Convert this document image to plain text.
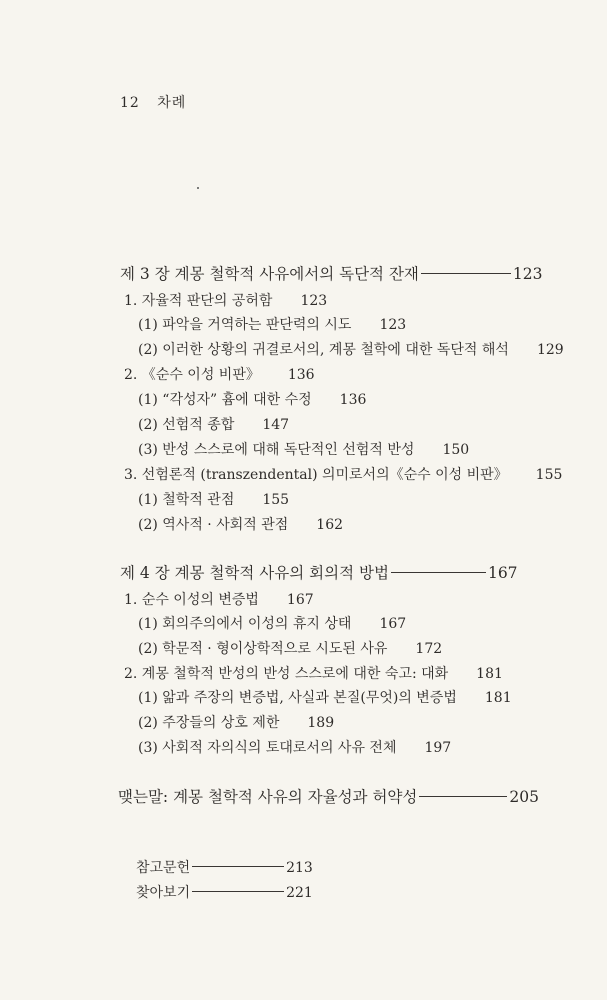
12 차례
제 3 장 계몽 철학적 사유에서의 독단적 잔재	123
1. 자율적 판단의 공허함 123
(1) 파악을 거역하는 판단력의 시도 123
(2) 이러한 상황의 귀결로서의, 계몽 철학에 대한 독단적 해석 129
2. 《순수 이성 비판》 136
(1) “각성자” 흄에 대한 수정 136
(2) 선험적 종합 147
(3) 반성 스스로에 대해 독단적인 선험적 반성 150
3. 선험론적 (transzendental) 의미로서의《순수 이성 비판》 155
(1) 철학적 관점 155
(2) 역사적 · 사회적 관점 162
제 4 장 계몽 철학적 사유의 회의적 방법	167
1. 순수 이성의 변증법 167
(1) 회의주의에서 이성의 휴지 상태 167
(2) 학문적 · 형이상학적으로 시도된 사유 172
2. 계몽 철학적 반성의 반성 스스로에 대한 숙고: 대화 181
(1) 앎과 주장의 변증법, 사실과 본질(무엇)의 변증법 181
(2) 주장들의 상호 제한 189
(3) 사회적 자의식의 토대로서의 사유 전체 197
맺는말: 계몽 철학적 사유의 자율성과 허약성	205
참고문헌	213
찾아보기	221
